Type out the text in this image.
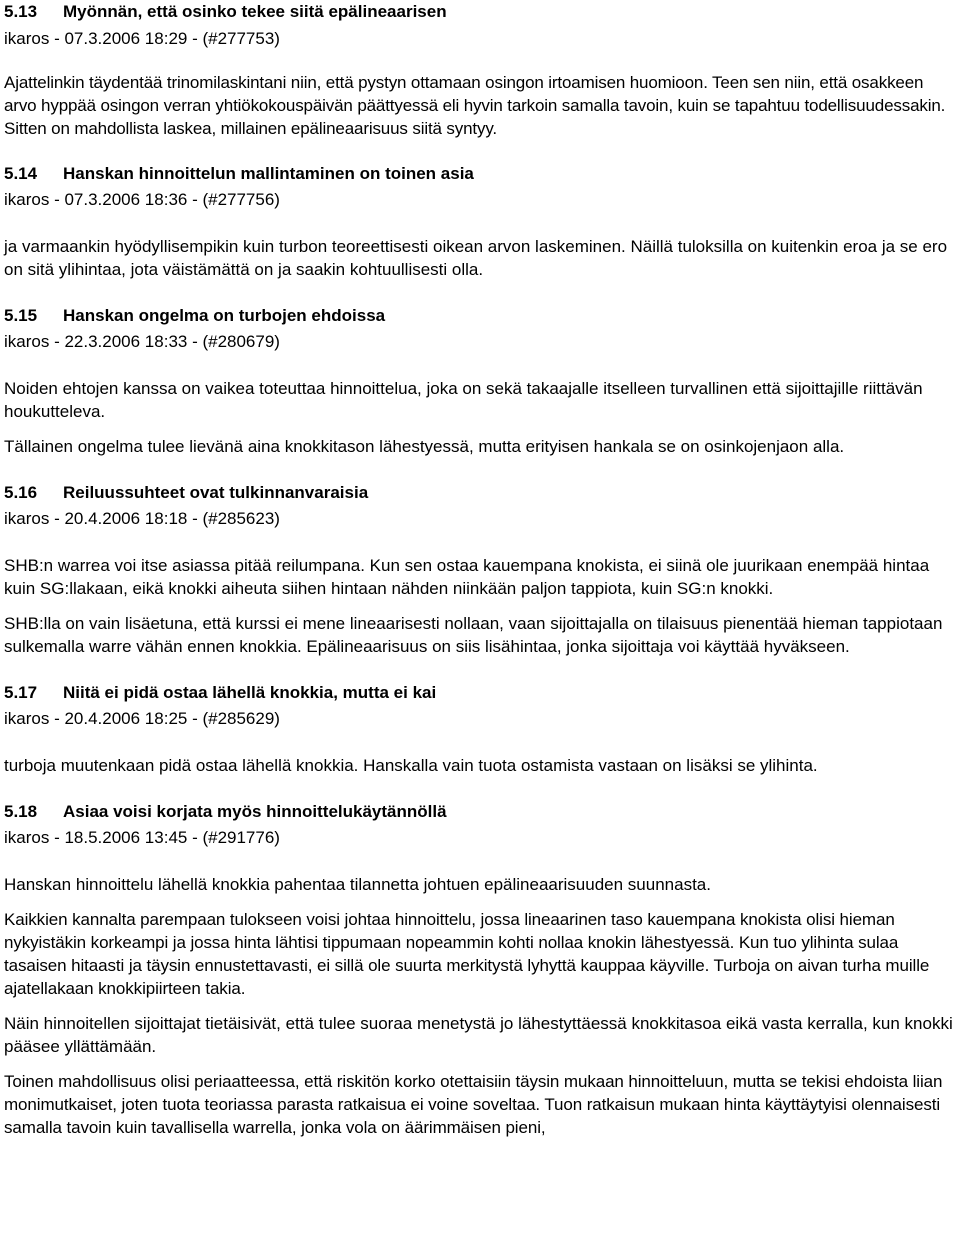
5.13 Myönnän, että osinko tekee siitä epälineaarisen
ikaros - 07.3.2006 18:29 - (#277753)

Ajattelinkin täydentää trinomilaskintani niin, että pystyn ottamaan osingon irtoamisen huomioon. Teen sen niin, että osakkeen arvo hyppää osingon verran yhtiökokouspäivän päättyessä eli hyvin tarkoin samalla tavoin, kuin se tapahtuu todellisuudessakin. Sitten on mahdollista laskea, millainen epälineaarisuus siitä syntyy.

5.14 Hanskan hinnoittelun mallintaminen on toinen asia
ikaros - 07.3.2006 18:36 - (#277756)

ja varmaankin hyödyllisempikin kuin turbon teoreettisesti oikean arvon laskeminen. Näillä tuloksilla on kuitenkin eroa ja se ero on sitä ylihintaa, jota väistämättä on ja saakin kohtuullisesti olla.

5.15 Hanskan ongelma on turbojen ehdoissa
ikaros - 22.3.2006 18:33 - (#280679)

Noiden ehtojen kanssa on vaikea toteuttaa hinnoittelua, joka on sekä takaajalle itselleen turvallinen että sijoittajille riittävän houkutteleva.

Tällainen ongelma tulee lievänä aina knokkitason lähestyessä, mutta erityisen hankala se on osinkojenjaon alla.

5.16 Reiluussuhteet ovat tulkinnanvaraisia
ikaros - 20.4.2006 18:18 - (#285623)

SHB:n warrea voi itse asiassa pitää reilumpana. Kun sen ostaa kauempana knokista, ei siinä ole juurikaan enempää hintaa kuin SG:llakaan, eikä knokki aiheuta siihen hintaan nähden niinkään paljon tappiota, kuin SG:n knokki.

SHB:lla on vain lisäetuna, että kurssi ei mene lineaarisesti nollaan, vaan sijoittajalla on tilaisuus pienentää hieman tappiotaan sulkemalla warre vähän ennen knokkia. Epälineaarisuus on siis lisähintaa, jonka sijoittaja voi käyttää hyväkseen.

5.17 Niitä ei pidä ostaa lähellä knokkia, mutta ei kai
ikaros - 20.4.2006 18:25 - (#285629)

turboja muutenkaan pidä ostaa lähellä knokkia. Hanskalla vain tuota ostamista vastaan on lisäksi se ylihinta.

5.18 Asiaa voisi korjata myös hinnoittelukäytännöllä
ikaros - 18.5.2006 13:45 - (#291776)

Hanskan hinnoittelu lähellä knokkia pahentaa tilannetta johtuen epälineaarisuuden suunnasta.

Kaikkien kannalta parempaan tulokseen voisi johtaa hinnoittelu, jossa lineaarinen taso kauempana knokista olisi hieman nykyistäkin korkeampi ja jossa hinta lähtisi tippumaan nopeammin kohti nollaa knokin lähestyessä. Kun tuo ylihinta sulaa tasaisen hitaasti ja täysin ennustettavasti, ei sillä ole suurta merkitystä lyhyttä kauppaa käyville. Turboja on aivan turha muille ajatellakaan knokkipiirteen takia.

Näin hinnoitellen sijoittajat tietäisivät, että tulee suoraa menetystä jo lähestyttäessä knokkitasoa eikä vasta kerralla, kun knokki pääsee yllättämään.

Toinen mahdollisuus olisi periaatteessa, että riskitön korko otettaisiin täysin mukaan hinnoitteluun, mutta se tekisi ehdoista liian monimutkaiset, joten tuota teoriassa parasta ratkaisua ei voine soveltaa. Tuon ratkaisun mukaan hinta käyttäytyisi olennaisesti samalla tavoin kuin tavallisella warrella, jonka vola on äärimmäisen pieni,
